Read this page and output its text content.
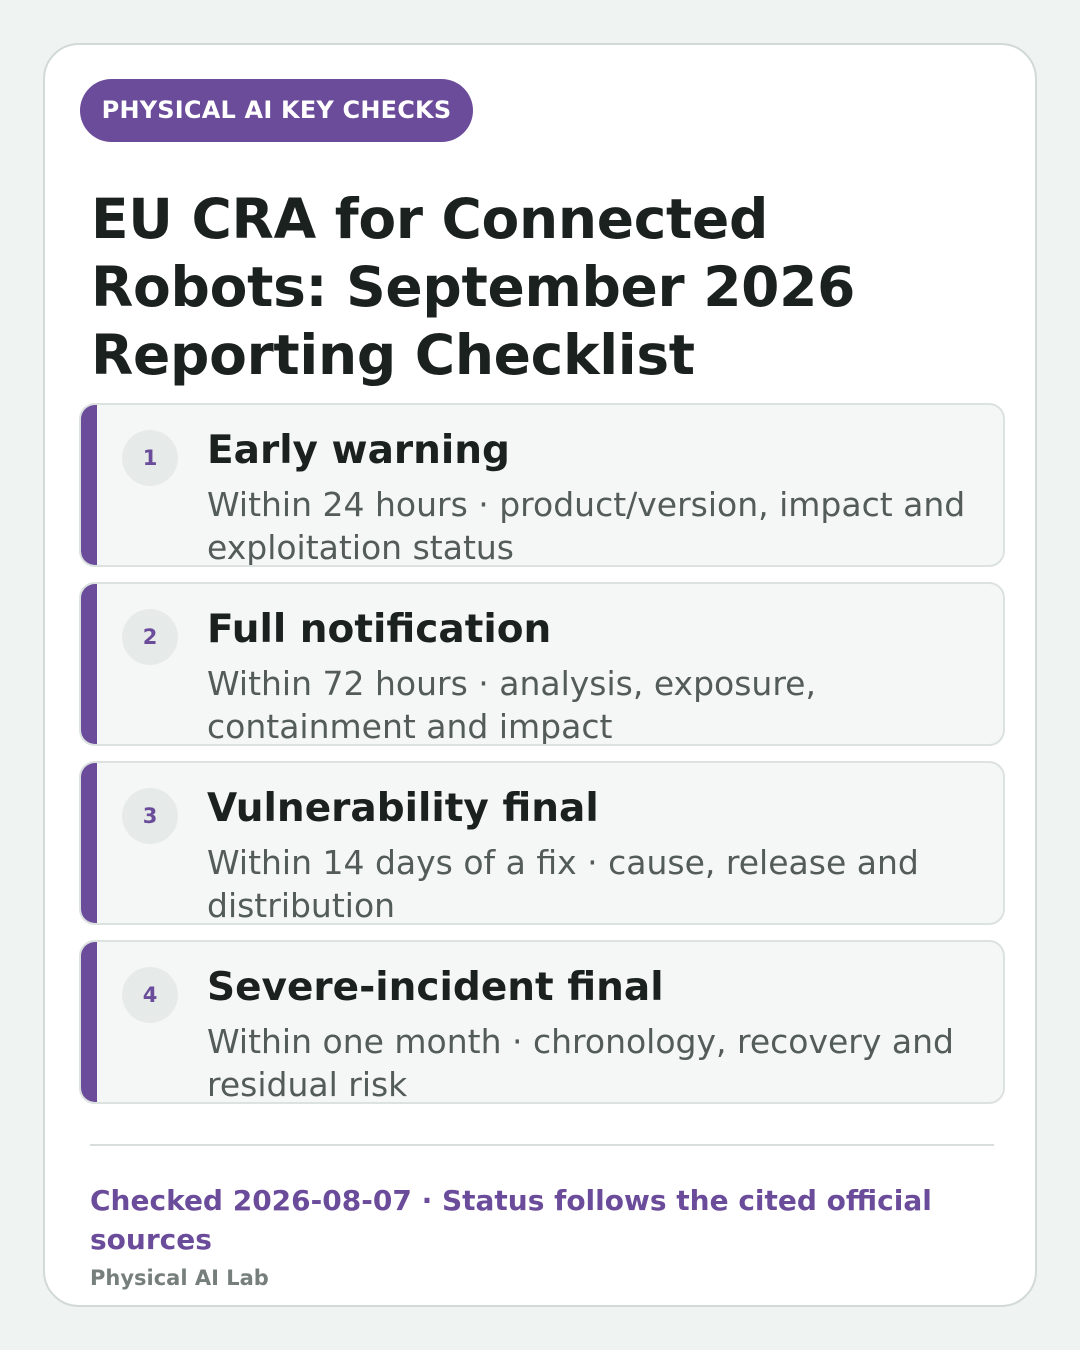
PHYSICAL AI KEY CHECKS
EU CRA for Connected Robots: September 2026 Reporting Checklist
1	Early warning
Within 24 hours · product/version, impact and exploitation status
2	Full notification
Within 72 hours · analysis, exposure, containment and impact
3	Vulnerability final
Within 14 days of a fix · cause, release and distribution
4	Severe-incident final
Within one month · chronology, recovery and residual risk
Checked 2026-08-07 · Status follows the cited official sources
Physical AI Lab
